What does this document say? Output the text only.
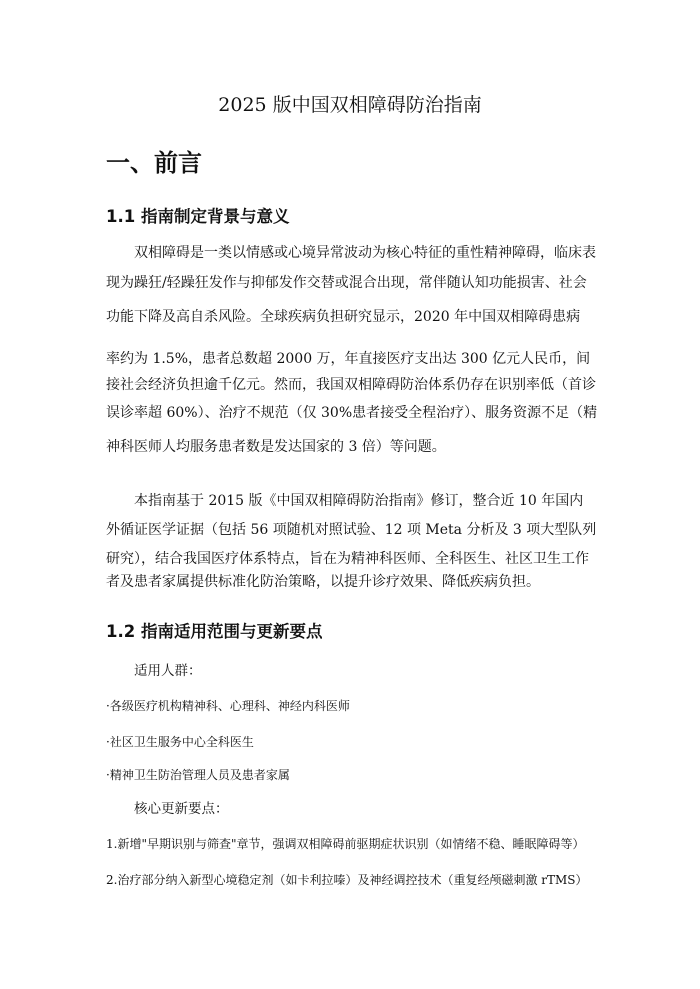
2025 版中国双相障碍防治指南
一、前言
1.1 指南制定背景与意义
双相障碍是一类以情感或心境异常波动为核心特征的重性精神障碍，临床表
现为躁狂/轻躁狂发作与抑郁发作交替或混合出现，常伴随认知功能损害、社会
功能下降及高自杀风险。全球疾病负担研究显示，2020 年中国双相障碍患病
率约为 1.5%，患者总数超 2000 万，年直接医疗支出达 300 亿元人民币，间
接社会经济负担逾千亿元。然而，我国双相障碍防治体系仍存在识别率低（首诊
误诊率超 60%）、治疗不规范（仅 30%患者接受全程治疗）、服务资源不足（精
神科医师人均服务患者数是发达国家的 3 倍）等问题。
本指南基于 2015 版《中国双相障碍防治指南》修订，整合近 10 年国内
外循证医学证据（包括 56 项随机对照试验、12 项 Meta 分析及 3 项大型队列
研究），结合我国医疗体系特点，旨在为精神科医师、全科医生、社区卫生工作
者及患者家属提供标准化防治策略，以提升诊疗效果、降低疾病负担。
1.2 指南适用范围与更新要点

适用人群：

·各级医疗机构精神科、心理科、神经内科医师

·社区卫生服务中心全科医生

·精神卫生防治管理人员及患者家属

核心更新要点：

1.新增"早期识别与筛查"章节，强调双相障碍前驱期症状识别（如情绪不稳、睡眠障碍等）

2.治疗部分纳入新型心境稳定剂（如卡利拉嗪）及神经调控技术（重复经颅磁刺激 rTMS）
